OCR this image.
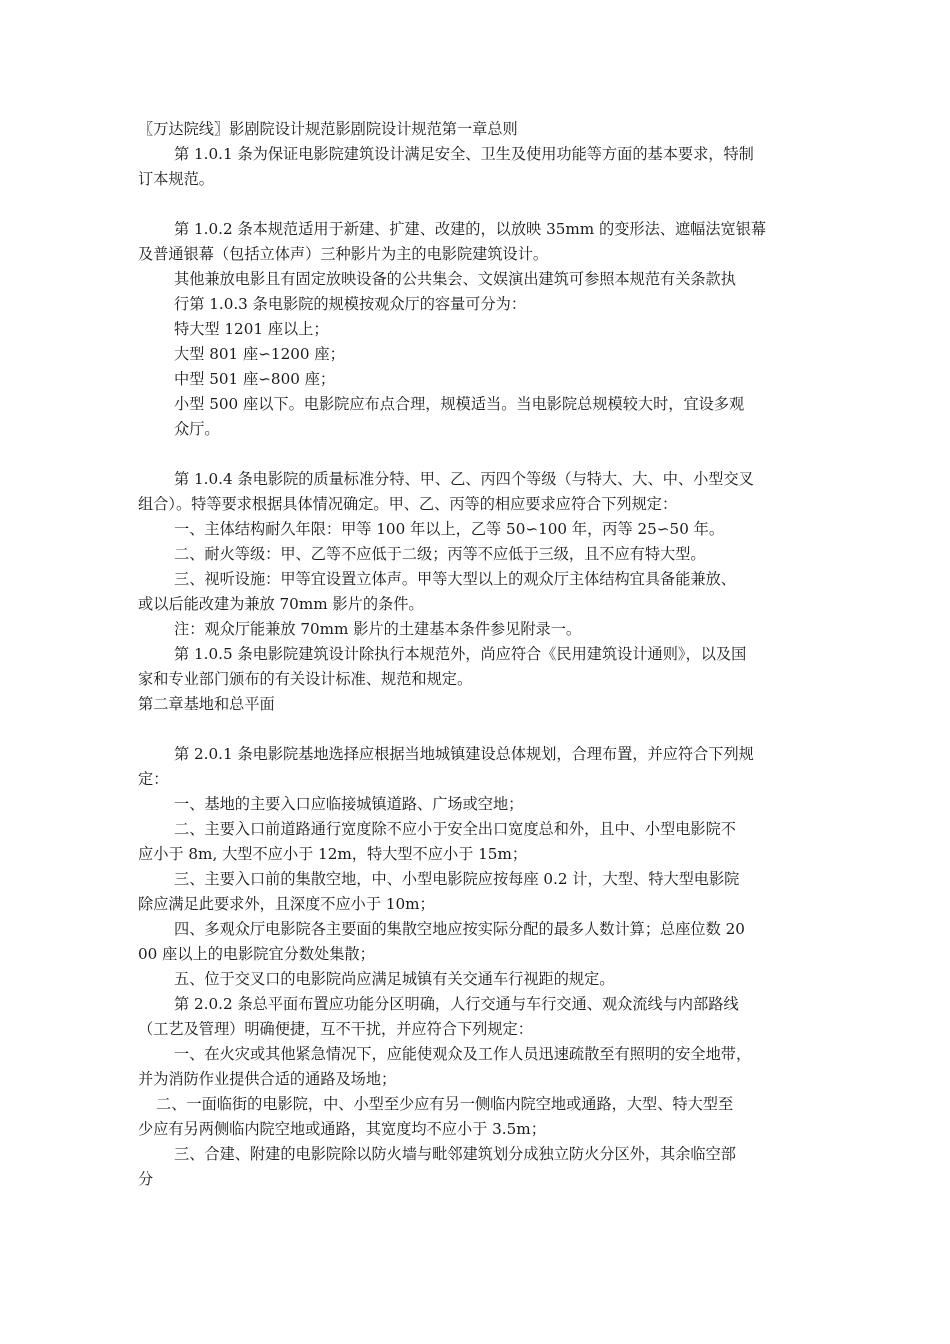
〖万达院线〗影剧院设计规范影剧院设计规范第一章总则
第 1.0.1 条为保证电影院建筑设计满足安全、卫生及使用功能等方面的基本要求，特制
订本规范。
第 1.0.2 条本规范适用于新建、扩建、改建的，以放映 35mm 的变形法、遮幅法宽银幕
及普通银幕（包括立体声）三种影片为主的电影院建筑设计。
其他兼放电影且有固定放映设备的公共集会、文娱演出建筑可参照本规范有关条款执
行第 1.0.3 条电影院的规模按观众厅的容量可分为：
特大型 1201 座以上；
大型 801 座∽1200 座；
中型 501 座∽800 座；
小型 500 座以下。电影院应布点合理，规模适当。当电影院总规模较大时，宜设多观
众厅。
第 1.0.4 条电影院的质量标准分特、甲、乙、丙四个等级（与特大、大、中、小型交叉
组合）。特等要求根据具体情况确定。甲、乙、丙等的相应要求应符合下列规定：
一、主体结构耐久年限：甲等 100 年以上，乙等 50∽100 年，丙等 25∽50 年。
二、耐火等级：甲、乙等不应低于二级；丙等不应低于三级，且不应有特大型。
三、视听设施：甲等宜设置立体声。甲等大型以上的观众厅主体结构宜具备能兼放、
或以后能改建为兼放 70mm 影片的条件。
注：观众厅能兼放 70mm 影片的土建基本条件参见附录一。
第 1.0.5 条电影院建筑设计除执行本规范外，尚应符合《民用建筑设计通则》，以及国
家和专业部门颁布的有关设计标准、规范和规定。
第二章基地和总平面
第 2.0.1 条电影院基地选择应根据当地城镇建设总体规划，合理布置，并应符合下列规
定：
一、基地的主要入口应临接城镇道路、广场或空地；
二、主要入口前道路通行宽度除不应小于安全出口宽度总和外，且中、小型电影院不
应小于 8m, 大型不应小于 12m，特大型不应小于 15m；
三、主要入口前的集散空地，中、小型电影院应按每座 0.2 计，大型、特大型电影院
除应满足此要求外，且深度不应小于 10m；
四、多观众厅电影院各主要面的集散空地应按实际分配的最多人数计算；总座位数 20
00 座以上的电影院宜分数处集散；
五、位于交叉口的电影院尚应满足城镇有关交通车行视距的规定。
第 2.0.2 条总平面布置应功能分区明确，人行交通与车行交通、观众流线与内部路线
（工艺及管理）明确便捷，互不干扰，并应符合下列规定：
一、在火灾或其他紧急情况下，应能使观众及工作人员迅速疏散至有照明的安全地带，
并为消防作业提供合适的通路及场地；
二、一面临街的电影院，中、小型至少应有另一侧临内院空地或通路，大型、特大型至
少应有另两侧临内院空地或通路，其宽度均不应小于 3.5m；
三、合建、附建的电影院除以防火墙与毗邻建筑划分成独立防火分区外，其余临空部
分
